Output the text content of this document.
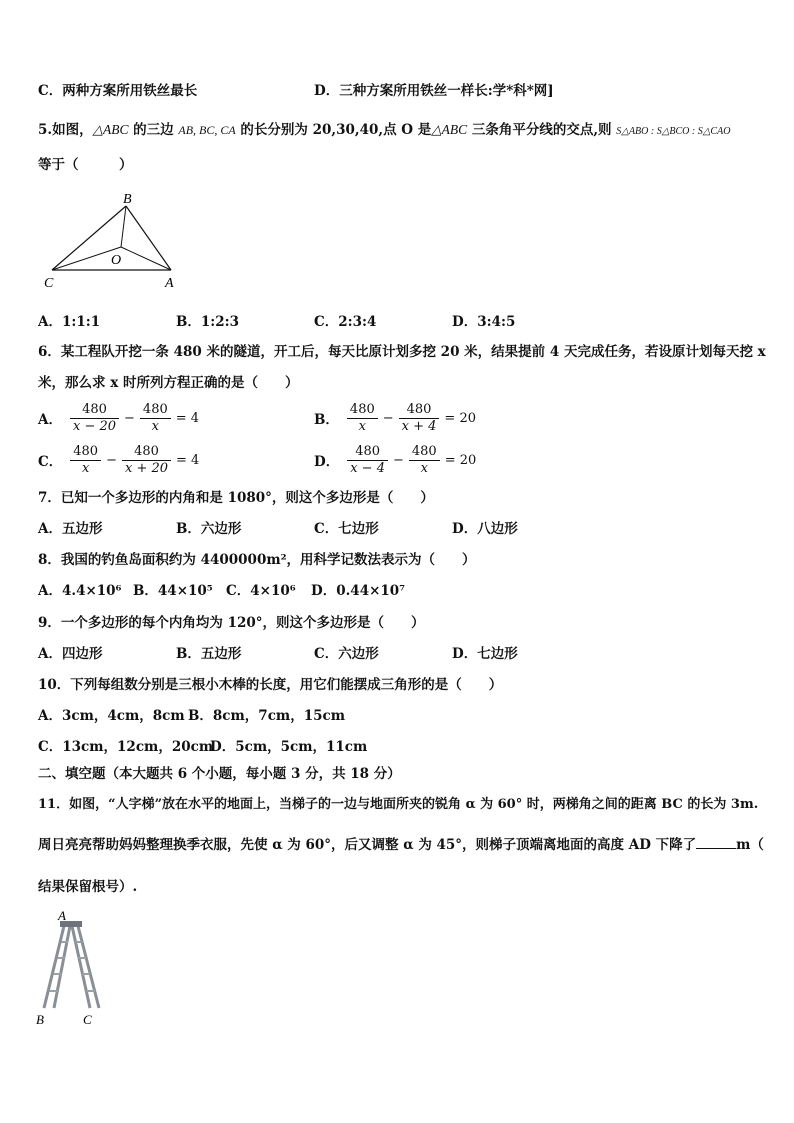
C．两种方案所用铁丝最长	D．三种方案所用铁丝一样长:学*科*网]
5.如图，△ABC 的三边 AB, BC, CA 的长分别为 20,30,40,点 O 是△ABC 三条角平分线的交点,则 S△ABO : S△BCO : S△CAO
等于（　　　）
B
O
C	A
A．1:1:1	B．1:2:3	C．2:3:4	D．3:4:5
6．某工程队开挖一条 480 米的隧道，开工后，每天比原计划多挖 20 米，结果提前 4 天完成任务，若设原计划每天挖 x
米，那么求 x 时所列方程正确的是（　　）
A． $\frac{480}{x - 20} - \frac{480}{x} = 4$	B． $\frac{480}{x} - \frac{480}{x + 4} = 20$
C． $\frac{480}{x} - \frac{480}{x + 20} = 4$	D． $\frac{480}{x - 4} - \frac{480}{x} = 20$
7．已知一个多边形的内角和是 1080°，则这个多边形是（　　）
A．五边形	B．六边形	C．七边形	D．八边形
8．我国的钓鱼岛面积约为 4400000m²，用科学记数法表示为（　　）
A．4.4×10⁶ B．44×10⁵ C．4×10⁶ D．0.44×10⁷
9．一个多边形的每个内角均为 120°，则这个多边形是（　　）
A．四边形	B．五边形	C．六边形	D．七边形
10．下列每组数分别是三根小木棒的长度，用它们能摆成三角形的是（　　）
A．3cm，4cm，8cm B．8cm，7cm，15cm
C．13cm，12cm，20cm
D．5cm，5cm，11cm
二、填空题（本大题共 6 个小题，每小题 3 分，共 18 分）
11．如图，“人字梯”放在水平的地面上，当梯子的一边与地面所夹的锐角 α 为 60° 时，两梯角之间的距离 BC 的长为 3m.
周日亮亮帮助妈妈整理换季衣服，先使 α 为 60°，后又调整 α 为 45°，则梯子顶端离地面的高度 AD 下降了	m（
结果保留根号）.
A
B	C
